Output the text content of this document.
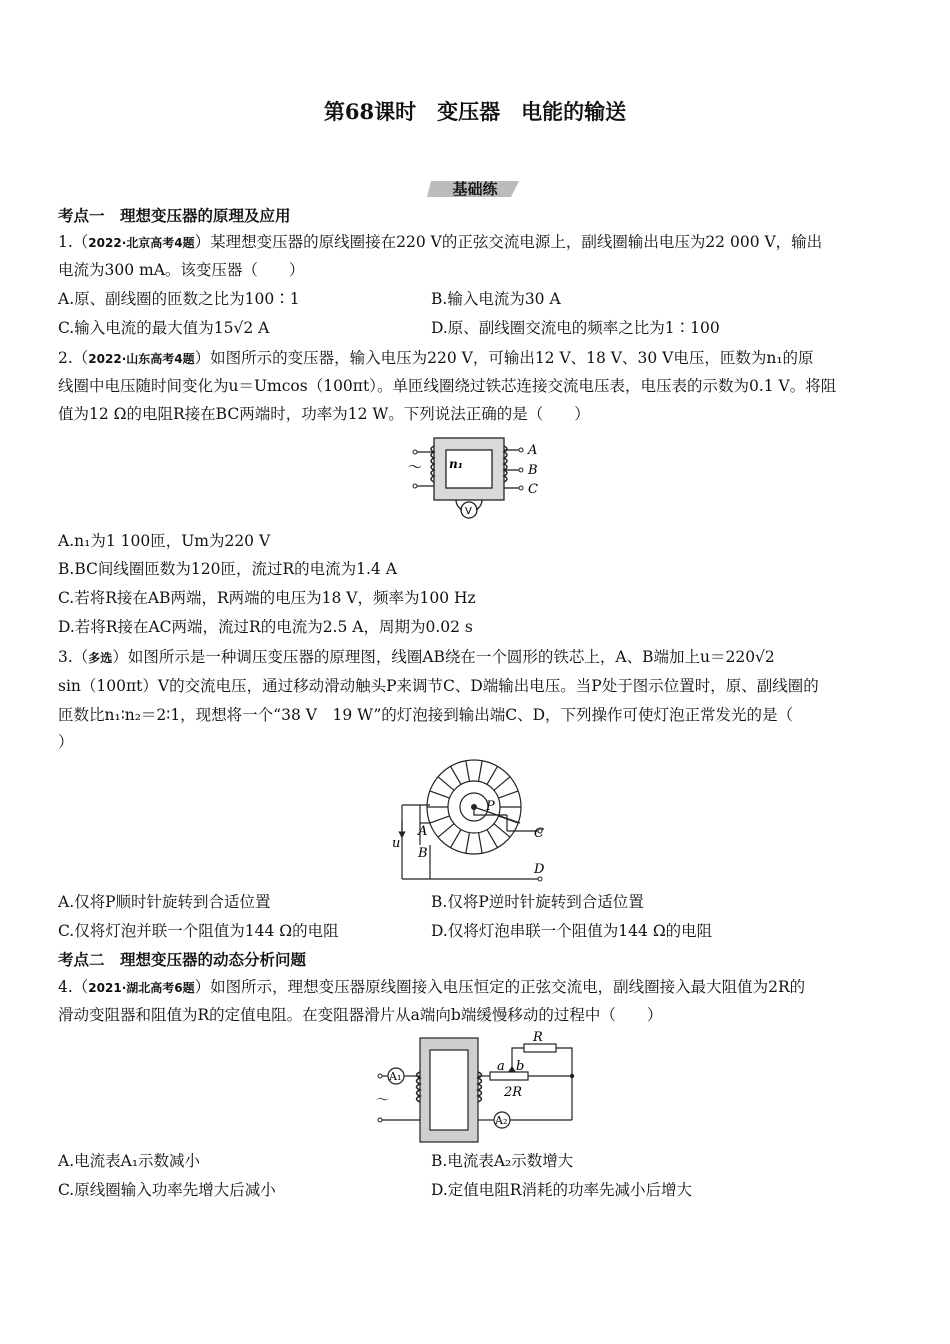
第68课时　变压器　电能的输送
基础练
考点一　理想变压器的原理及应用
1.（2022·北京高考4题）某理想变压器的原线圈接在220 V的正弦交流电源上，副线圈输出电压为22 000 V，输出
电流为300 mA。该变压器（　　）
A.原、副线圈的匝数之比为100∶1	B.输入电流为30 A
C.输入电流的最大值为15√2 A	D.原、副线圈交流电的频率之比为1∶100
2.（2022·山东高考4题）如图所示的变压器，输入电压为220 V，可输出12 V、18 V、30 V电压，匝数为n₁的原
线圈中电压随时间变化为u＝Umcos（100πt）。单匝线圈绕过铁芯连接交流电压表，电压表的示数为0.1 V。将阻
值为12 Ω的电阻R接在BC两端时，功率为12 W。下列说法正确的是（　　）
～ n₁
A
B
C
V
A.n₁为1 100匝，Um为220 V
B.BC间线圈匝数为120匝，流过R的电流为1.4 A
C.若将R接在AB两端，R两端的电压为18 V，频率为100 Hz
D.若将R接在AC两端，流过R的电流为2.5 A，周期为0.02 s
3.（多选）如图所示是一种调压变压器的原理图，线圈AB绕在一个圆形的铁芯上，A、B端加上u＝220√2
sin（100πt）V的交流电压，通过移动滑动触头P来调节C、D端输出电压。当P处于图示位置时，原、副线圈的
匝数比n₁∶n₂＝2∶1，现想将一个“38 V　19 W”的灯泡接到输出端C、D，下列操作可使灯泡正常发光的是（
）
P
A
B
C
D
u
A.仅将P顺时针旋转到合适位置	B.仅将P逆时针旋转到合适位置
C.仅将灯泡并联一个阻值为144 Ω的电阻	D.仅将灯泡串联一个阻值为144 Ω的电阻
考点二　理想变压器的动态分析问题
4.（2021·湖北高考6题）如图所示，理想变压器原线圈接入电压恒定的正弦交流电，副线圈接入最大阻值为2R的
滑动变阻器和阻值为R的定值电阻。在变阻器滑片从a端向b端缓慢移动的过程中（　　）
A₁
A₂
～
R
a b
2R
A.电流表A₁示数减小	B.电流表A₂示数增大
C.原线圈输入功率先增大后减小	D.定值电阻R消耗的功率先减小后增大
